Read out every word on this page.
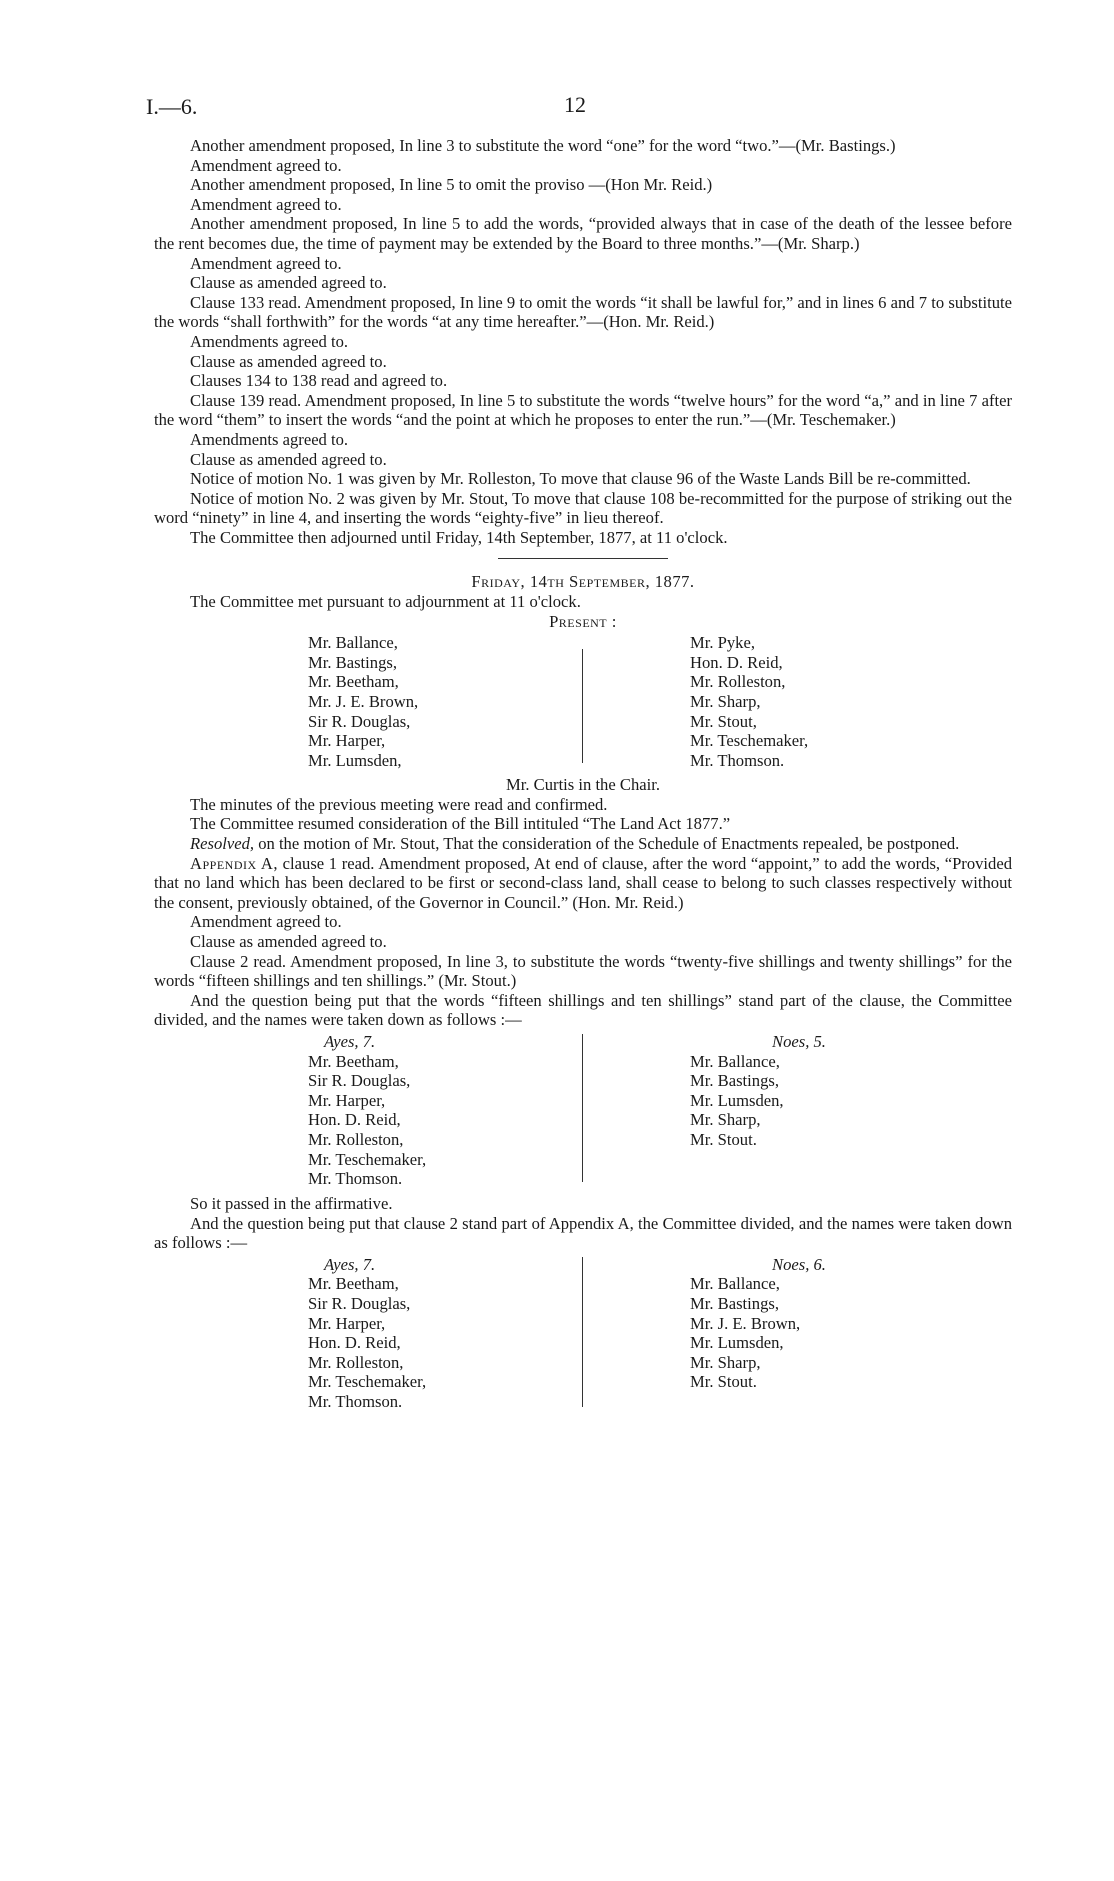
I.—6.	12

Another amendment proposed, In line 3 to substitute the word “one” for the word “two.”—(Mr. Bastings.)

Amendment agreed to.

Another amendment proposed, In line 5 to omit the proviso —(Hon Mr. Reid.)

Amendment agreed to.

Another amendment proposed, In line 5 to add the words, “provided always that in case of the death of the lessee before the rent becomes due, the time of payment may be extended by the Board to three months.”—(Mr. Sharp.)

Amendment agreed to.

Clause as amended agreed to.

Clause 133 read. Amendment proposed, In line 9 to omit the words “it shall be lawful for,” and in lines 6 and 7 to substitute the words “shall forthwith” for the words “at any time hereafter.”—(Hon. Mr. Reid.)

Amendments agreed to.

Clause as amended agreed to.

Clauses 134 to 138 read and agreed to.

Clause 139 read. Amendment proposed, In line 5 to substitute the words “twelve hours” for the word “a,” and in line 7 after the word “them” to insert the words “and the point at which he proposes to enter the run.”—(Mr. Teschemaker.)

Amendments agreed to.

Clause as amended agreed to.

Notice of motion No. 1 was given by Mr. Rolleston, To move that clause 96 of the Waste Lands Bill be re-committed.

Notice of motion No. 2 was given by Mr. Stout, To move that clause 108 be-recommitted for the purpose of striking out the word “ninety” in line 4, and inserting the words “eighty-five” in lieu thereof.

The Committee then adjourned until Friday, 14th September, 1877, at 11 o'clock.

Friday, 14th September, 1877.

The Committee met pursuant to adjournment at 11 o'clock.

Present :

Mr. Ballance,
Mr. Bastings,
Mr. Beetham,
Mr. J. E. Brown,
Sir R. Douglas,
Mr. Harper,
Mr. Lumsden,
Mr. Pyke,
Hon. D. Reid,
Mr. Rolleston,
Mr. Sharp,
Mr. Stout,
Mr. Teschemaker,
Mr. Thomson.

Mr. Curtis in the Chair.

The minutes of the previous meeting were read and confirmed.

The Committee resumed consideration of the Bill intituled “The Land Act 1877.”

Resolved, on the motion of Mr. Stout, That the consideration of the Schedule of Enactments repealed, be postponed.

Appendix A, clause 1 read. Amendment proposed, At end of clause, after the word “appoint,” to add the words, “Provided that no land which has been declared to be first or second-class land, shall cease to belong to such classes respectively without the consent, previously obtained, of the Governor in Council.” (Hon. Mr. Reid.)

Amendment agreed to.

Clause as amended agreed to.

Clause 2 read. Amendment proposed, In line 3, to substitute the words “twenty-five shillings and twenty shillings” for the words “fifteen shillings and ten shillings.” (Mr. Stout.)

And the question being put that the words “fifteen shillings and ten shillings” stand part of the clause, the Committee divided, and the names were taken down as follows :—

Ayes, 7.
Mr. Beetham,
Sir R. Douglas,
Mr. Harper,
Hon. D. Reid,
Mr. Rolleston,
Mr. Teschemaker,
Mr. Thomson.
Noes, 5.
Mr. Ballance,
Mr. Bastings,
Mr. Lumsden,
Mr. Sharp,
Mr. Stout.

So it passed in the affirmative.

And the question being put that clause 2 stand part of Appendix A, the Committee divided, and the names were taken down as follows :—

Ayes, 7.
Mr. Beetham,
Sir R. Douglas,
Mr. Harper,
Hon. D. Reid,
Mr. Rolleston,
Mr. Teschemaker,
Mr. Thomson.
Noes, 6.
Mr. Ballance,
Mr. Bastings,
Mr. J. E. Brown,
Mr. Lumsden,
Mr. Sharp,
Mr. Stout.
